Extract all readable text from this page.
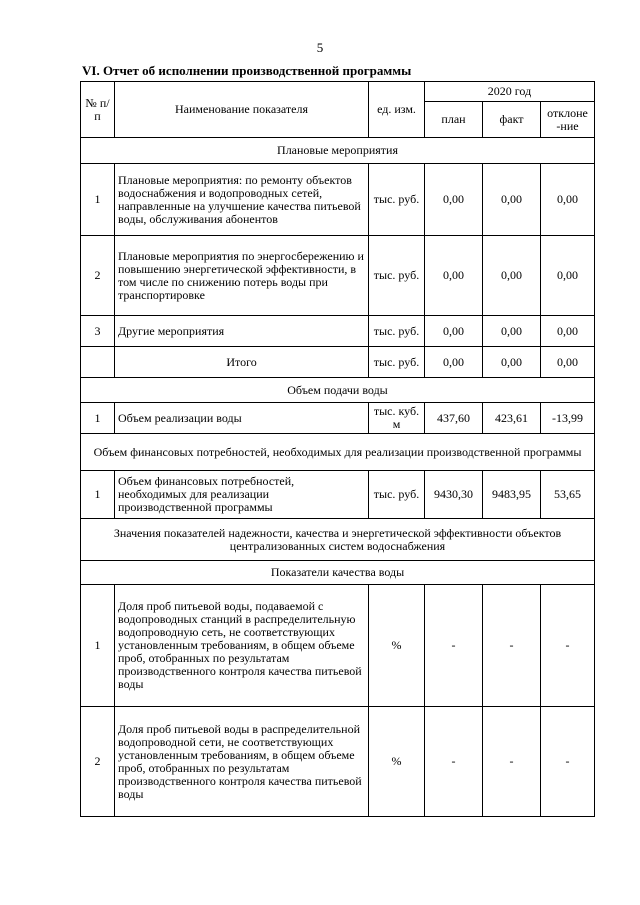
5
VI. Отчет об исполнении производственной программы
№ п/п	Наименование показателя	ед. изм.	2020 год		
			план	факт	отклоне -ние
Плановые мероприятия					
1	Плановые мероприятия: по ремонту объектов водоснабжения и водопроводных сетей, направленные на улучшение качества питьевой воды, обслуживания абонентов	тыс. руб.	0,00	0,00	0,00
2	Плановые мероприятия по энергосбережению и повышению энергетической эффективности, в том числе по снижению потерь воды при транспортировке	тыс. руб.	0,00	0,00	0,00
3	Другие мероприятия	тыс. руб.	0,00	0,00	0,00
	Итого	тыс. руб.	0,00	0,00	0,00
Объем подачи воды					
1	Объем реализации воды	тыс. куб. м	437,60	423,61	-13,99
Объем финансовых потребностей, необходимых для реализации производственной программы					
1	Объем финансовых потребностей, необходимых для реализации производственной программы	тыс. руб.	9430,30	9483,95	53,65
Значения показателей надежности, качества и энергетической эффективности объектов централизованных систем водоснабжения					
Показатели качества воды					
1	Доля проб питьевой воды, подаваемой с водопроводных станций в распределительную водопроводную сеть, не соответствующих установленным требованиям, в общем объеме проб, отобранных по результатам производственного контроля качества питьевой воды	%	-	-	-
2	Доля проб питьевой воды в распределительной водопроводной сети, не соответствующих установленным требованиям, в общем объеме проб, отобранных по результатам производственного контроля качества питьевой воды	%	-	-	-
